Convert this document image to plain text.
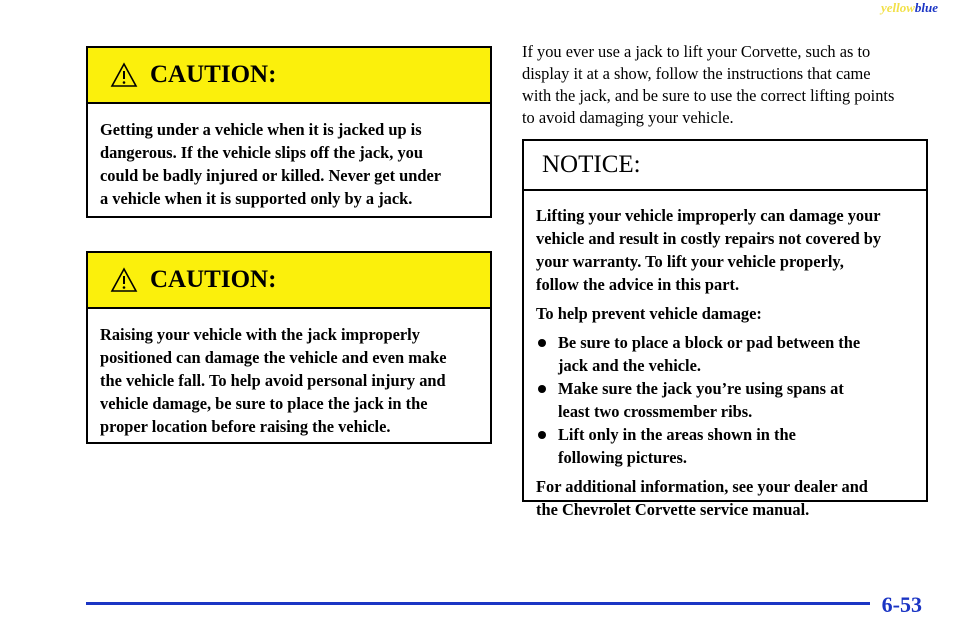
yellowblue
CAUTION:
Getting under a vehicle when it is jacked up is
dangerous. If the vehicle slips off the jack, you
could be badly injured or killed. Never get under
a vehicle when it is supported only by a jack.
CAUTION:
Raising your vehicle with the jack improperly
positioned can damage the vehicle and even make
the vehicle fall. To help avoid personal injury and
vehicle damage, be sure to place the jack in the
proper location before raising the vehicle.
If you ever use a jack to lift your Corvette, such as to
display it at a show, follow the instructions that came
with the jack, and be sure to use the correct lifting points
to avoid damaging your vehicle.
NOTICE:

Lifting your vehicle improperly can damage your
vehicle and result in costly repairs not covered by
your warranty. To lift your vehicle properly,
follow the advice in this part.

To help prevent vehicle damage:

Be sure to place a block or pad between the
jack and the vehicle.
Make sure the jack you’re using spans at
least two crossmember ribs.
Lift only in the areas shown in the
following pictures.

For additional information, see your dealer and
the Chevrolet Corvette service manual.

6-53
